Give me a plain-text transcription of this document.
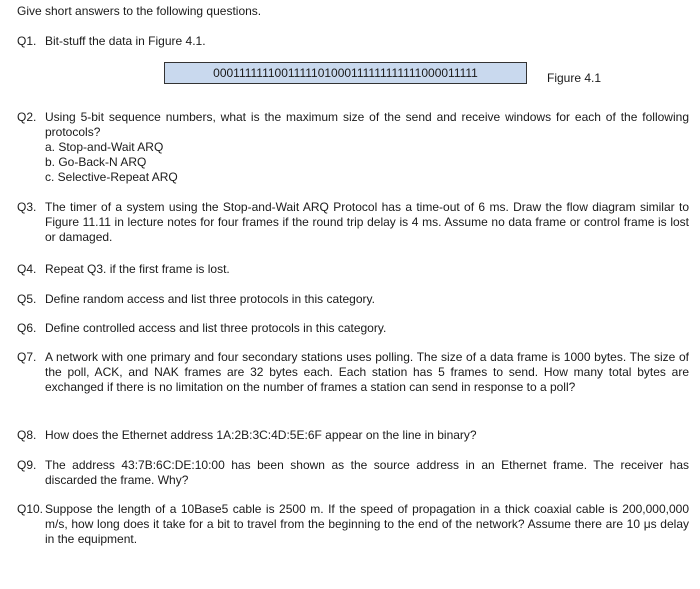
Give short answers to the following questions.
Q1. Bit-stuff the data in Figure 4.1.
0001111111001111101000111111111111000011111	Figure 4.1
Q2. Using 5-bit sequence numbers, what is the maximum size of the send and receive windows for each of the following protocols?
a. Stop-and-Wait ARQ
b. Go-Back-N ARQ
c. Selective-Repeat ARQ
Q3. The timer of a system using the Stop-and-Wait ARQ Protocol has a time-out of 6 ms. Draw the flow diagram similar to Figure 11.11 in lecture notes for four frames if the round trip delay is 4 ms. Assume no data frame or control frame is lost or damaged.
Q4. Repeat Q3. if the first frame is lost.
Q5. Define random access and list three protocols in this category.
Q6. Define controlled access and list three protocols in this category.
Q7. A network with one primary and four secondary stations uses polling. The size of a data frame is 1000 bytes. The size of the poll, ACK, and NAK frames are 32 bytes each. Each station has 5 frames to send. How many total bytes are exchanged if there is no limitation on the number of frames a station can send in response to a poll?
Q8. How does the Ethernet address 1A:2B:3C:4D:5E:6F appear on the line in binary?
Q9. The address 43:7B:6C:DE:10:00 has been shown as the source address in an Ethernet frame. The receiver has discarded the frame. Why?
Q10. Suppose the length of a 10Base5 cable is 2500 m. If the speed of propagation in a thick coaxial cable is 200,000,000 m/s, how long does it take for a bit to travel from the beginning to the end of the network? Assume there are 10 μs delay in the equipment.
